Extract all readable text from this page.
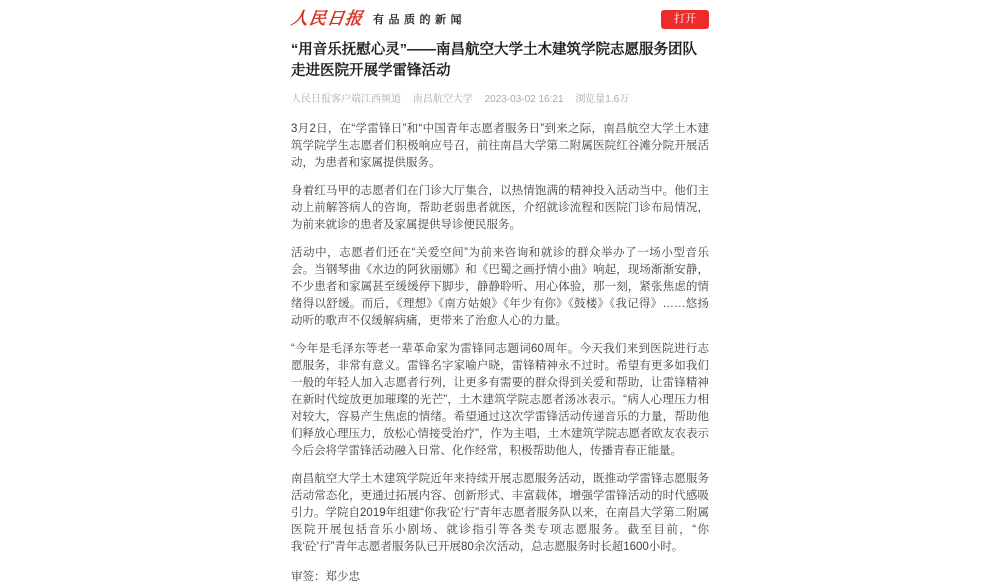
人民日报 有品质的新闻	打开
“用音乐抚慰心灵”——南昌航空大学土木建筑学院志愿服务团队走进医院开展学雷锋活动
人民日报客户端江西频道 南昌航空大学 2023-03-02 16:21 浏览量1.6万

3月2日，在“学雷锋日”和“中国青年志愿者服务日”到来之际，南昌航空大学土木建筑学院学生志愿者们积极响应号召，前往南昌大学第二附属医院红谷滩分院开展活动，为患者和家属提供服务。

身着红马甲的志愿者们在门诊大厅集合，以热情饱满的精神投入活动当中。他们主动上前解答病人的咨询，帮助老弱患者就医，介绍就诊流程和医院门诊布局情况，为前来就诊的患者及家属提供导诊便民服务。

活动中，志愿者们还在“关爱空间”为前来咨询和就诊的群众举办了一场小型音乐会。当钢琴曲《水边的阿狄丽娜》和《巴蜀之画抒情小曲》响起，现场渐渐安静，不少患者和家属甚至缓缓停下脚步，静静聆听、用心体验，那一刻，紧张焦虑的情绪得以舒缓。而后，《理想》《南方姑娘》《年少有你》《鼓楼》《我记得》……悠扬动听的歌声不仅缓解病痛，更带来了治愈人心的力量。

“今年是毛泽东等老一辈革命家为雷锋同志题词60周年。今天我们来到医院进行志愿服务，非常有意义。雷锋名字家喻户晓，雷锋精神永不过时。希望有更多如我们一般的年轻人加入志愿者行列，让更多有需要的群众得到关爱和帮助，让雷锋精神在新时代绽放更加璀璨的光芒”，土木建筑学院志愿者汤冰表示。“病人心理压力相对较大，容易产生焦虑的情绪。希望通过这次学雷锋活动传递音乐的力量，帮助他们释放心理压力，放松心情接受治疗”，作为主唱，土木建筑学院志愿者欧友农表示今后会将学雷锋活动融入日常、化作经常，积极帮助他人，传播青春正能量。

南昌航空大学土木建筑学院近年来持续开展志愿服务活动，既推动学雷锋志愿服务活动常态化，更通过拓展内容、创新形式、丰富载体，增强学雷锋活动的时代感吸引力。学院自2019年组建“你我‘砼’行”青年志愿者服务队以来，在南昌大学第二附属医院开展包括音乐小剧场、就诊指引等各类专项志愿服务。截至目前，“你我‘砼’行”青年志愿者服务队已开展80余次活动，总志愿服务时长超1600小时。

审签：郑少忠
